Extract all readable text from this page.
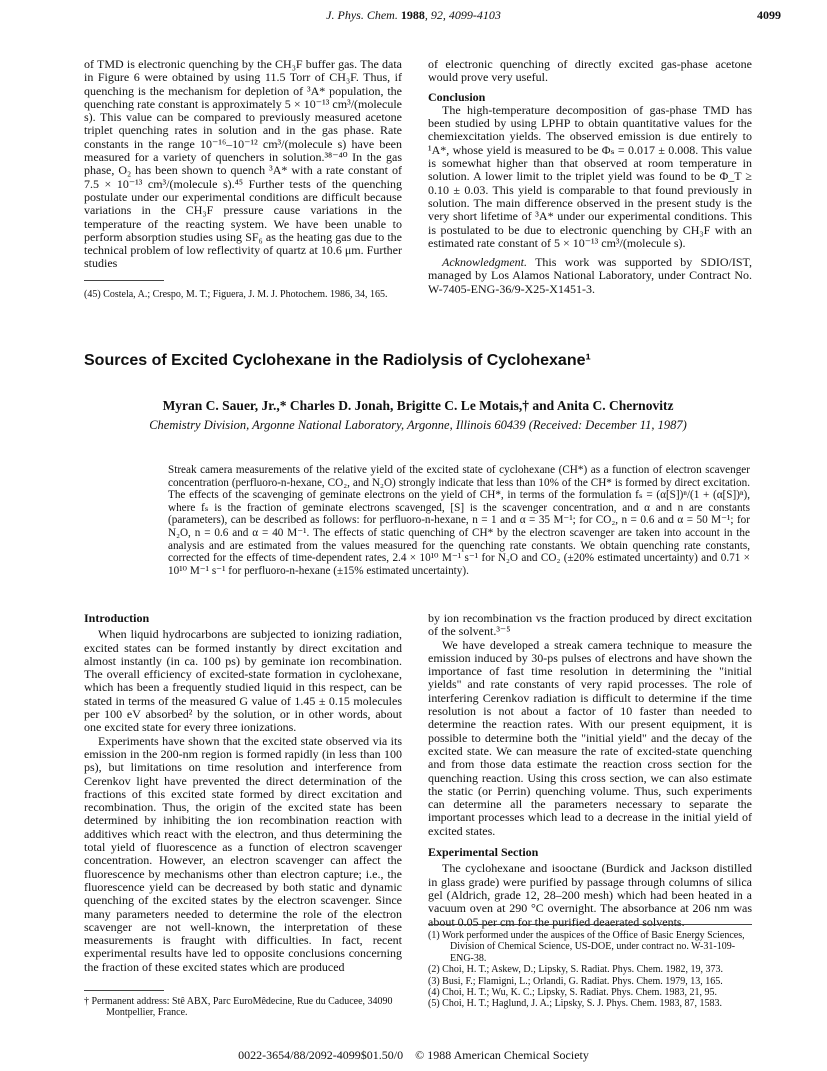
J. Phys. Chem. 1988, 92, 4099-4103	4099

of TMD is electronic quenching by the CH₃F buffer gas. The data in Figure 6 were obtained by using 11.5 Torr of CH₃F. Thus, if quenching is the mechanism for depletion of ³A* population, the quenching rate constant is approximately 5 × 10⁻¹³ cm³/(molecule s). This value can be compared to previously measured acetone triplet quenching rates in solution and in the gas phase. Rate constants in the range 10⁻¹⁶–10⁻¹² cm³/(molecule s) have been measured for a variety of quenchers in solution.³⁸⁻⁴⁰ In the gas phase, O₂ has been shown to quench ³A* with a rate constant of 7.5 × 10⁻¹³ cm³/(molecule s).⁴⁵ Further tests of the quenching postulate under our experimental conditions are difficult because variations in the CH₃F pressure cause variations in the temperature of the reacting system. We have been unable to perform absorption studies using SF₆ as the heating gas due to the technical problem of low reflectivity of quartz at 10.6 μm. Further studies

(45) Costela, A.; Crespo, M. T.; Figuera, J. M. J. Photochem. 1986, 34, 165.

of electronic quenching of directly excited gas-phase acetone would prove very useful.

Conclusion

The high-temperature decomposition of gas-phase TMD has been studied by using LPHP to obtain quantitative values for the chemiexcitation yields. The observed emission is due entirely to ¹A*, whose yield is measured to be Φₛ = 0.017 ± 0.008. This value is somewhat higher than that observed at room temperature in solution. A lower limit to the triplet yield was found to be Φ_T ≥ 0.10 ± 0.03. This yield is comparable to that found previously in solution. The main difference observed in the present study is the very short lifetime of ³A* under our experimental conditions. This is postulated to be due to electronic quenching by CH₃F with an estimated rate constant of 5 × 10⁻¹³ cm³/(molecule s).

Acknowledgment. This work was supported by SDIO/IST, managed by Los Alamos National Laboratory, under Contract No. W-7405-ENG-36/9-X25-X1451-3.

Sources of Excited Cyclohexane in the Radiolysis of Cyclohexane¹
Myran C. Sauer, Jr.,* Charles D. Jonah, Brigitte C. Le Motais,† and Anita C. Chernovitz
Chemistry Division, Argonne National Laboratory, Argonne, Illinois 60439 (Received: December 11, 1987)
Streak camera measurements of the relative yield of the excited state of cyclohexane (CH*) as a function of electron scavenger concentration (perfluoro-n-hexane, CO₂, and N₂O) strongly indicate that less than 10% of the CH* is formed by direct excitation. The effects of the scavenging of geminate electrons on the yield of CH*, in terms of the formulation fₛ = (α[S])ⁿ/(1 + (α[S])ⁿ), where fₛ is the fraction of geminate electrons scavenged, [S] is the scavenger concentration, and α and n are constants (parameters), can be described as follows: for perfluoro-n-hexane, n = 1 and α = 35 M⁻¹; for CO₂, n = 0.6 and α = 50 M⁻¹; for N₂O, n = 0.6 and α = 40 M⁻¹. The effects of static quenching of CH* by the electron scavenger are taken into account in the analysis and are estimated from the values measured for the quenching rate constants. We obtain quenching rate constants, corrected for the effects of time-dependent rates, 2.4 × 10¹⁰ M⁻¹ s⁻¹ for N₂O and CO₂ (±20% estimated uncertainty) and 0.71 × 10¹⁰ M⁻¹ s⁻¹ for perfluoro-n-hexane (±15% estimated uncertainty).
Introduction

When liquid hydrocarbons are subjected to ionizing radiation, excited states can be formed instantly by direct excitation and almost instantly (in ca. 100 ps) by geminate ion recombination. The overall efficiency of excited-state formation in cyclohexane, which has been a frequently studied liquid in this respect, can be stated in terms of the measured G value of 1.45 ± 0.15 molecules per 100 eV absorbed² by the solution, or in other words, about one excited state for every three ionizations.

Experiments have shown that the excited state observed via its emission in the 200-nm region is formed rapidly (in less than 100 ps), but limitations on time resolution and interference from Cerenkov light have prevented the direct determination of the fractions of this excited state formed by direct excitation and recombination. Thus, the origin of the excited state has been determined by inhibiting the ion recombination reaction with additives which react with the electron, and thus determining the total yield of fluorescence as a function of electron scavenger concentration. However, an electron scavenger can affect the fluorescence by mechanisms other than electron capture; i.e., the fluorescence yield can be decreased by both static and dynamic quenching of the excited states by the electron scavenger. Since many parameters needed to determine the role of the electron scavenger are not well-known, the interpretation of these measurements is fraught with difficulties. In fact, recent experimental results have led to opposite conclusions concerning the fraction of these excited states which are produced

† Permanent address: Stê ABX, Parc EuroMêdecine, Rue du Caducee, 34090 Montpellier, France.

by ion recombination vs the fraction produced by direct excitation of the solvent.³⁻⁵

We have developed a streak camera technique to measure the emission induced by 30-ps pulses of electrons and have shown the importance of fast time resolution in determining the "initial yields" and rate constants of very rapid processes. The role of interfering Cerenkov radiation is difficult to determine if the time resolution is not about a factor of 10 faster than needed to determine the reaction rates. With our present equipment, it is possible to determine both the "initial yield" and the decay of the excited state. We can measure the rate of excited-state quenching and from those data estimate the reaction cross section for the quenching reaction. Using this cross section, we can also estimate the static (or Perrin) quenching volume. Thus, such experiments can determine all the parameters necessary to separate the important processes which lead to a decrease in the initial yield of excited states.

Experimental Section

The cyclohexane and isooctane (Burdick and Jackson distilled in glass grade) were purified by passage through columns of silica gel (Aldrich, grade 12, 28–200 mesh) which had been heated in a vacuum oven at 290 °C overnight. The absorbance at 206 nm was about 0.05 per cm for the purified deaerated solvents.

(1) Work performed under the auspices of the Office of Basic Energy Sciences, Division of Chemical Science, US-DOE, under contract no. W-31-109-ENG-38.

(2) Choi, H. T.; Askew, D.; Lipsky, S. Radiat. Phys. Chem. 1982, 19, 373.

(3) Busi, F.; Flamigni, L.; Orlandi, G. Radiat. Phys. Chem. 1979, 13, 165.

(4) Choi, H. T.; Wu, K. C.; Lipsky, S. Radiat. Phys. Chem. 1983, 21, 95.

(5) Choi, H. T.; Haglund, J. A.; Lipsky, S. J. Phys. Chem. 1983, 87, 1583.

0022-3654/88/2092-4099$01.50/0 © 1988 American Chemical Society
